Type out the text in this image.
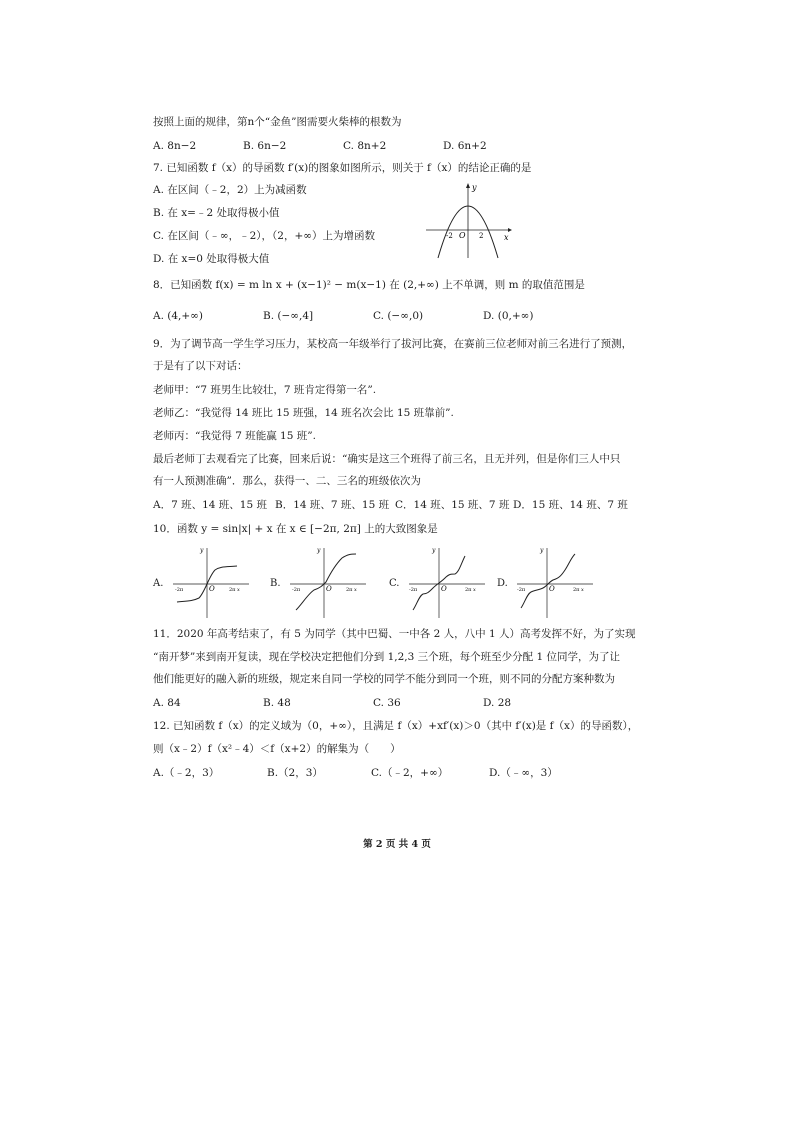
按照上面的规律，第n个“金鱼”图需要火柴棒的根数为
A. 8n−2	B. 6n−2	C. 8n+2	D. 6n+2
7. 已知函数 f（x）的导函数 f′(x)的图象如图所示，则关于 f（x）的结论正确的是
A. 在区间（﹣2，2）上为减函数
B. 在 x=﹣2 处取得极小值
C. 在区间（﹣∞，﹣2），（2，+∞）上为增函数
D. 在 x=0 处取得极大值
y
x
-2 O 2
8．已知函数 f(x) = m ln x + (x−1)² − m(x−1) 在 (2,+∞) 上不单调，则 m 的取值范围是
A. (4,+∞)	B. (−∞,4]	C. (−∞,0)	D. (0,+∞)
9．为了调节高一学生学习压力，某校高一年级举行了拔河比赛，在赛前三位老师对前三名进行了预测，
于是有了以下对话：
老师甲：“7 班男生比较壮，7 班肯定得第一名”.
老师乙：“我觉得 14 班比 15 班强，14 班名次会比 15 班靠前”.
老师丙：“我觉得 7 班能赢 15 班”.
最后老师丁去观看完了比赛，回来后说：“确实是这三个班得了前三名，且无并列，但是你们三人中只
有一人预测准确”．那么，获得一、二、三名的班级依次为
A．7 班、14 班、15 班 B．14 班、7 班、15 班 C．14 班、15 班、7 班 D．15 班、14 班、7 班
10．函数 y = sin|x| + x 在 x ∈ [−2π, 2π] 上的大致图象是
A.
y
O
-2π	2π x
B.
y
O
-2π	2π x
C.
y
O
-2π	2π x
D.
y
O
-2π	2π x
11．2020 年高考结束了，有 5 为同学（其中巴蜀、一中各 2 人，八中 1 人）高考发挥不好，为了实现
“南开梦”来到南开复读，现在学校决定把他们分到 1,2,3 三个班，每个班至少分配 1 位同学，为了让
他们能更好的融入新的班级，规定来自同一学校的同学不能分到同一个班，则不同的分配方案种数为
A. 84	B. 48	C. 36	D. 28
12. 已知函数 f（x）的定义域为（0，+∞），且满足 f（x）+xf′(x)＞0（其中 f′(x)是 f（x）的导函数），
则（x﹣2）f（x²﹣4）＜f（x+2）的解集为（　　）
A.（﹣2，3）	B.（2，3）	C.（﹣2，+∞）	D.（﹣∞，3）
第 2 页 共 4 页
